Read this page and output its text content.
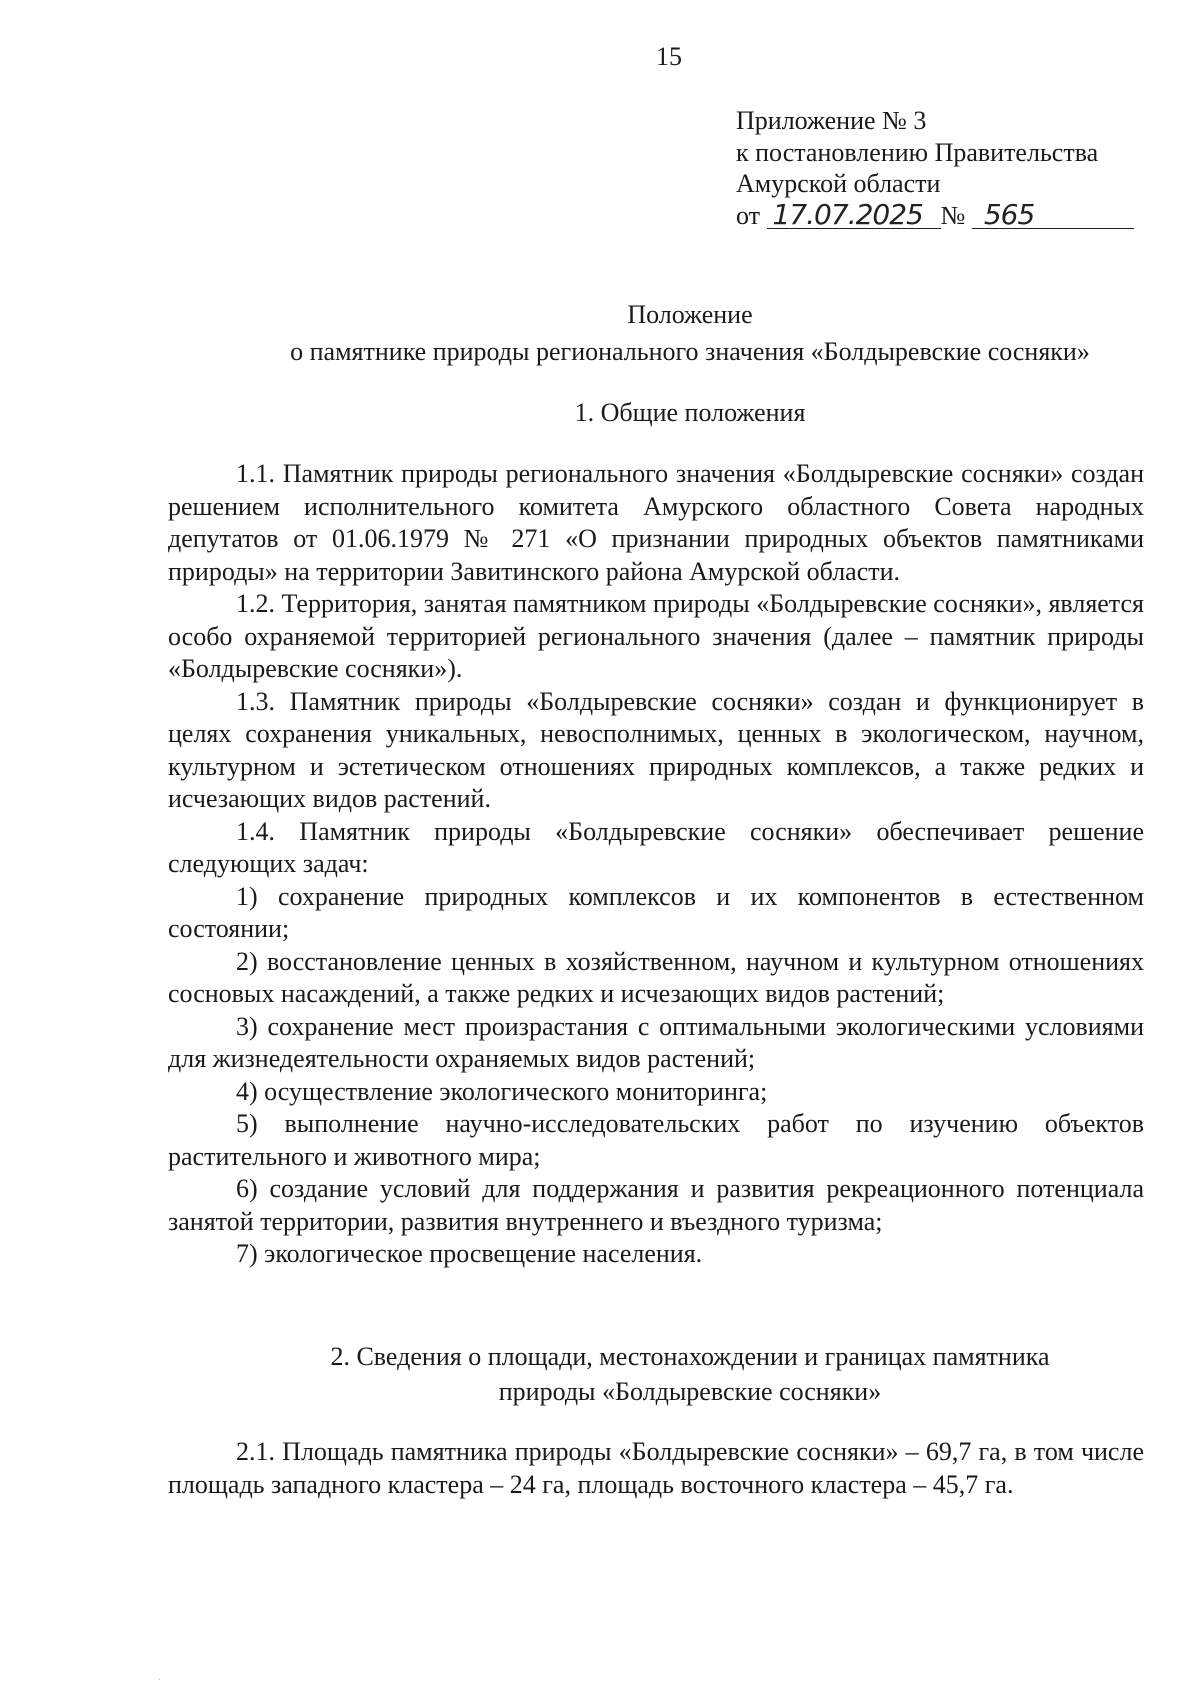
15
Приложение № 3
к постановлению Правительства
Амурской области
от 17.07.2025 № 565
Положение
о памятнике природы регионального значения «Болдыревские сосняки»
1. Общие положения
1.1. Памятник природы регионального значения «Болдыревские сосняки» создан решением исполнительного комитета Амурского областного Совета народных депутатов от 01.06.1979 № 271 «О признании природных объектов памятниками природы» на территории Завитинского района Амурской области.
1.2. Территория, занятая памятником природы «Болдыревские сосняки», является особо охраняемой территорией регионального значения (далее – памятник природы «Болдыревские сосняки»).
1.3. Памятник природы «Болдыревские сосняки» создан и функционирует в целях сохранения уникальных, невосполнимых, ценных в экологическом, научном, культурном и эстетическом отношениях природных комплексов, а также редких и исчезающих видов растений.
1.4. Памятник природы «Болдыревские сосняки» обеспечивает решение следующих задач:
1) сохранение природных комплексов и их компонентов в естественном состоянии;
2) восстановление ценных в хозяйственном, научном и культурном отношениях сосновых насаждений, а также редких и исчезающих видов растений;
3) сохранение мест произрастания с оптимальными экологическими условиями для жизнедеятельности охраняемых видов растений;
4) осуществление экологического мониторинга;
5) выполнение научно-исследовательских работ по изучению объектов растительного и животного мира;
6) создание условий для поддержания и развития рекреационного потенциала занятой территории, развития внутреннего и въездного туризма;
7) экологическое просвещение населения.
2. Сведения о площади, местонахождении и границах памятника
природы «Болдыревские сосняки»
2.1. Площадь памятника природы «Болдыревские сосняки» – 69,7 га, в том числе площадь западного кластера – 24 га, площадь восточного кластера – 45,7 га.
·
